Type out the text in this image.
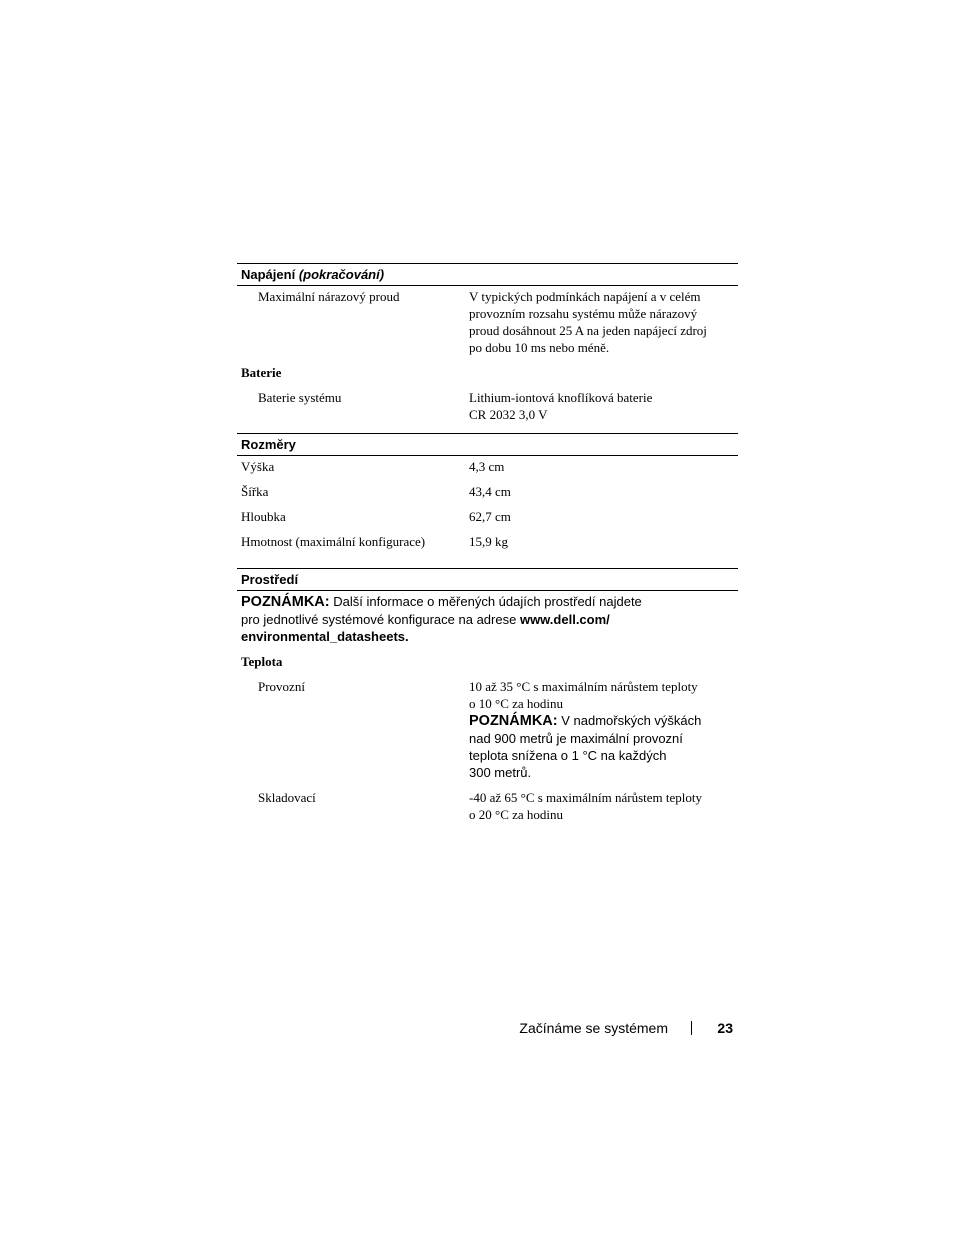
Napájení (pokračování)
Maximální nárazový proud	V typických podmínkách napájení a v celém
provozním rozsahu systému může nárazový
proud dosáhnout 25 A na jeden napájecí zdroj
po dobu 10 ms nebo méně.
Baterie
Baterie systému	Lithium-iontová knoflíková baterie
CR 2032 3,0 V
Rozměry
Výška	4,3 cm
Šířka	43,4 cm
Hloubka	62,7 cm
Hmotnost (maximální konfigurace)	15,9 kg
Prostředí
POZNÁMKA: Další informace o měřených údajích prostředí najdete
pro jednotlivé systémové konfigurace na adrese www.dell.com/
environmental_datasheets.
Teplota
Provozní	10 až 35 °C s maximálním nárůstem teploty
o 10 °C za hodinu
POZNÁMKA: V nadmořských výškách
nad 900 metrů je maximální provozní
teplota snížena o 1 °C na každých
300 metrů.
Skladovací	-40 až 65 °C s maximálním nárůstem teploty
o 20 °C za hodinu
Začínáme se systémem	23
